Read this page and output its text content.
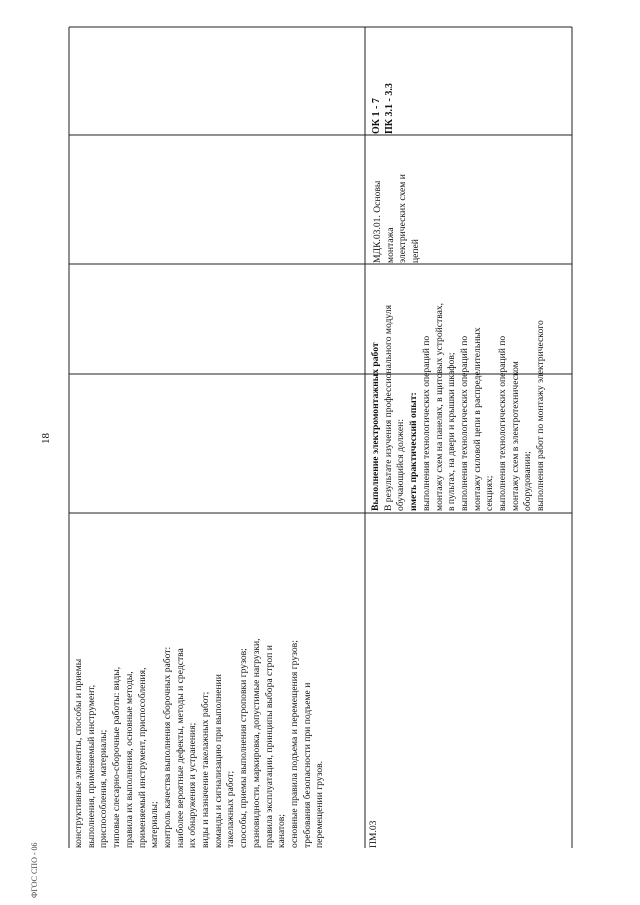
18
конструктивные элементы, способы и приемы выполнения, применяемый инструмент, приспособления, материалы; типовые слесарно-сборочные работы: виды, правила их выполнения, основные методы, применяемый инструмент, приспособления, материалы; контроль качества выполнения сборочных работ: наиболее вероятные дефекты, методы и средства их обнаружения и устранения; виды и назначение такелажных работ; команды и сигнализацию при выполнении такелажных работ; способы, приемы выполнения строповки грузов; разновидности, маркировка, допустимые нагрузки, правила эксплуатации, принципы выбора строп и канатов; основные правила подъема и перемещения грузов; требования безопасности при подъеме и перемещении грузов.	ПМ.03
Выполнение электромонтажных работ В результате изучения профессионального модуля обучающийся должен: иметь практический опыт: выполнения технологических операций по монтажу схем на панелях, в щитовых устройствах, в пультах, на двери и крышки шкафов; выполнения технологических операций по монтажу силовой цепи в распределительных секциях; выполнения технологических операций по монтажу схем в электротехническом оборудовании; выполнения работ по монтажу электрического
МДК.03.01. Основы монтажа электрических схем и цепей
ОК 1 - 7 ПК 3.1 - 3.3
ФГОС СПО - 06
